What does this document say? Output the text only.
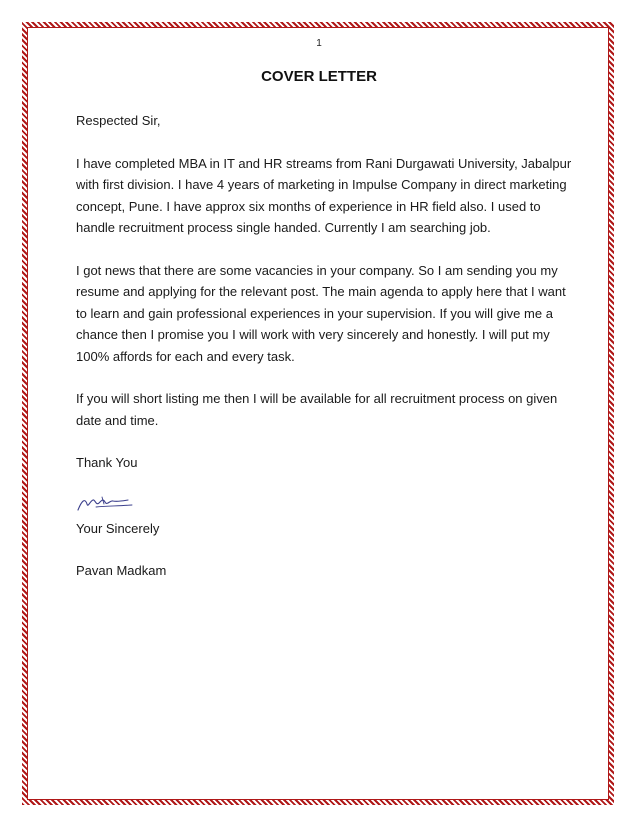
1
COVER LETTER

Respected Sir,

I have completed MBA in IT and HR streams from Rani Durgawati University, Jabalpur with first division. I have 4 years of marketing in Impulse Company in direct marketing concept, Pune. I have approx six months of experience in HR field also. I used to handle recruitment process single handed. Currently I am searching job.

I got news that there are some vacancies in your company. So I am sending you my resume and applying for the relevant post. The main agenda to apply here that I want to learn and gain professional experiences in your supervision. If you will give me a chance then I promise you I will work with very sincerely and honestly. I will put my 100% affords for each and every task.

If you will short listing me then I will be available for all recruitment process on given date and time.

Thank You

Your Sincerely

Pavan Madkam
